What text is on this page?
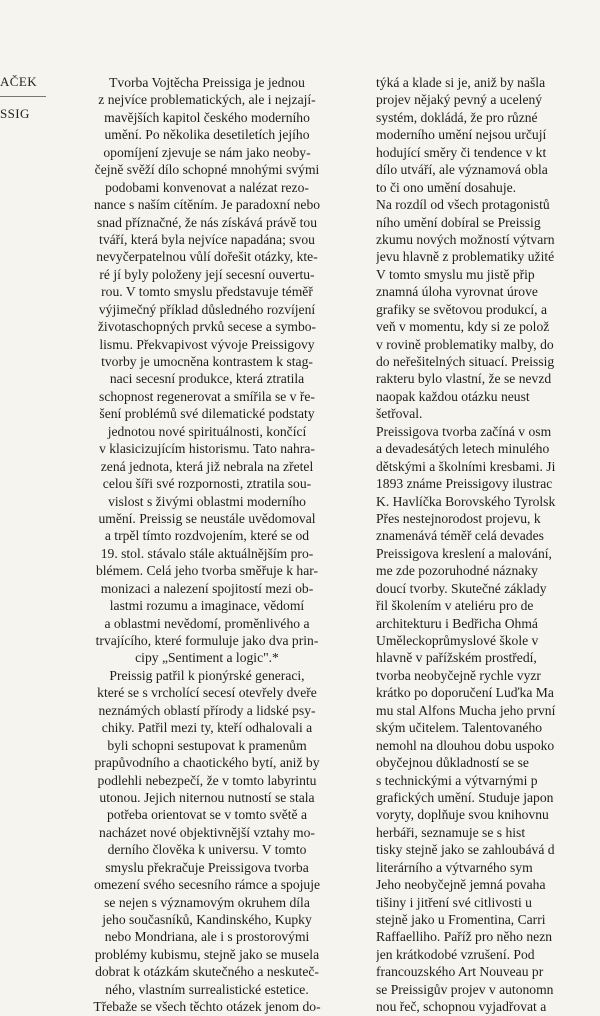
AČEK
SSIG
Tvorba Vojtěcha Preissiga je jednou
z nejvíce problematických, ale i nejzají-
mavějších kapitol českého moderního
umění. Po několika desetiletích jejího
opomíjení zjevuje se nám jako neoby-
čejně svěží dílo schopné mnohými svými
podobami konvenovat a nalézat rezo-
nance s naším cítěním. Je paradoxní nebo
snad příznačné, že nás získává právě tou
tváří, která byla nejvíce napadána; svou
nevyčerpatelnou vůlí dořešit otázky, kte-
ré jí byly položeny její secesní ouvertu-
rou. V tomto smyslu představuje téměř
výjimečný příklad důsledného rozvíjení
životaschopných prvků secese a symbo-
lismu. Překvapivost vývoje Preissigovy
tvorby je umocněna kontrastem k stag-
naci secesní produkce, která ztratila
schopnost regenerovat a smířila se v ře-
šení problémů své dilematické podstaty
jednotou nové spirituálnosti, končící
v klasicizujícím historismu. Tato nahra-
zená jednota, která již nebrala na zřetel
celou šíři své rozpornosti, ztratila sou-
vislost s živými oblastmi moderního
umění. Preissig se neustále uvědomoval
a trpěl tímto rozdvojením, které se od
19. stol. stávalo stále aktuálnějším pro-
blémem. Celá jeho tvorba směřuje k har-
monizaci a nalezení spojitostí mezi ob-
lastmi rozumu a imaginace, vědomí
a oblastmi nevědomí, proměnlivého a
trvajícího, které formuluje jako dva prin-
cipy „Sentiment a logic".*
Preissig patřil k pionýrské generaci,
které se s vrcholící secesí otevřely dveře
neznámých oblastí přírody a lidské psy-
chiky. Patřil mezi ty, kteří odhalovali a
byli schopni sestupovat k pramenům
prapůvodního a chaotického bytí, aniž by
podlehli nebezpečí, že v tomto labyrintu
utonou. Jejich niternou nutností se stala
potřeba orientovat se v tomto světě a
nacházet nové objektivnější vztahy mo-
derního člověka k universu. V tomto
smyslu překračuje Preissigova tvorba
omezení svého secesního rámce a spojuje
se nejen s významovým okruhem díla
jeho současníků, Kandinského, Kupky
nebo Mondriana, ale i s prostorovými
problémy kubismu, stejně jako se musela
dobrat k otázkám skutečného a neskuteč-
ného, vlastním surrealistické estetice.
Třebaže se všech těchto otázek jenom do-
týká a klade si je, aniž by našla
projev nějaký pevný a ucelený
systém, dokládá, že pro různé
moderního umění nejsou určují
hodující směry či tendence v kt
dílo utváří, ale významová obla
to či ono umění dosahuje.
Na rozdíl od všech protagonistů
ního umění dobíral se Preissig
zkumu nových možností výtvarn
jevu hlavně z problematiky užité
V tomto smyslu mu jistě přip
znamná úloha vyrovnat úrove
grafiky se světovou produkcí, a
veň v momentu, kdy si ze polož
v rovině problematiky malby, do
do neřešitelných situací. Preissig
rakteru bylo vlastní, že se nevzd
naopak každou otázku neust
šetřoval.
Preissigova tvorba začíná v osm
a devadesátých letech minulého
dětskými a školními kresbami. Ji
1893 známe Preissigovy ilustrac
K. Havlíčka Borovského Tyrolsk
Přes nestejnorodost projevu, k
znamenává téměř celá devades
Preissigova kreslení a malování,
me zde pozoruhodné náznaky
doucí tvorby. Skutečné základy
řil školením v ateliéru pro de
architekturu i Bedřicha Ohmá
Uměleckoprůmyslové škole v
hlavně v pařížském prostředí,
tvorba neobyčejně rychle vyzr
krátko po doporučení Luďka Ma
mu stal Alfons Mucha jeho první
ským učitelem. Talentovaného
nemohl na dlouhou dobu uspoko
obyčejnou důkladností se se
s technickými a výtvarnými p
grafických umění. Studuje japon
voryty, doplňuje svou knihovnu
herbáři, seznamuje se s hist
tisky stejně jako se zahloubává d
literárního a výtvarného sym
Jeho neobyčejně jemná povaha
tišiny i jitření své citlivosti u
stejně jako u Fromentina, Carri
Raffaelliho. Paříž pro něho nezn
jen krátkodobé vzrušení. Pod
francouzského Art Nouveau pr
se Preissigův projev v autonomn
nou řeč, schopnou vyjadřovat a
